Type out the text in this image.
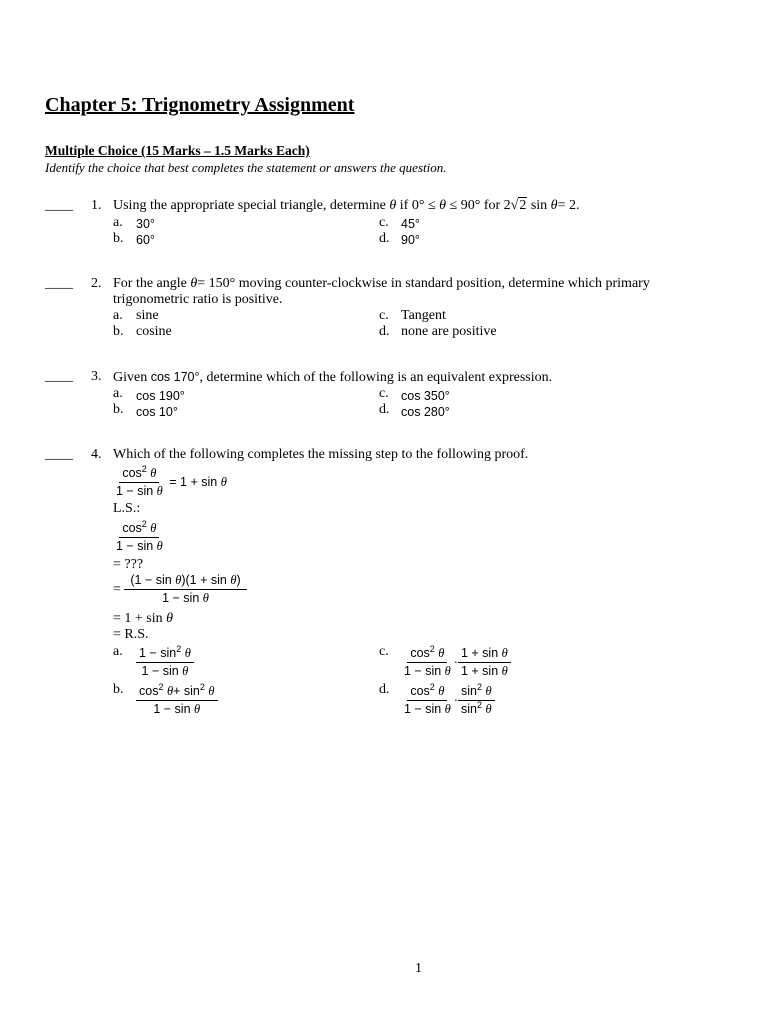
Chapter 5: Trignometry Assignment
Multiple Choice (15 Marks – 1.5 Marks Each)
Identify the choice that best completes the statement or answers the question.
____ 1. Using the appropriate special triangle, determine θ if 0° ≤ θ ≤ 90° for 2√2 sin θ= 2.
a. 30°
b. 60°
c. 45°
d. 90°
____ 2. For the angle θ= 150° moving counter-clockwise in standard position, determine which primary
trigonometric ratio is positive.
a. sine
b. cosine
c. Tangent
d. none are positive
____ 3. Given cos 170°, determine which of the following is an equivalent expression.
a. cos 190°
b. cos 10°
c. cos 350°
d. cos 280°
____ 4. Which of the following completes the missing step to the following proof.
$\frac{\cos^2 \theta}{\text{1 − sin θ}} = 1 + \sin \theta$
L.S.:
$\frac{\cos^2 \theta}{\text{1 − sin θ}}$
= ???
= $\frac{\text{(1 − sin θ)(1 + sin θ)}}{\text{1 − sin θ}}$
= 1 + sin θ
= R.S.
a. $\frac{1 - \sin^2 \theta}{\text{1 − sin θ}}$
b. $\frac{\cos^2 \theta+ \sin^2 \theta}{\text{1 − sin θ}}$
c. $\frac{\cos^2 \theta}{\text{1 − sin θ}} \cdot \frac{\text{1 + sin θ}}{\text{1 + sin θ}}$
d. $\frac{\cos^2 \theta}{\text{1 − sin θ}} \cdot \frac{\sin^2 \theta}{\sin^2 \theta}$
1
